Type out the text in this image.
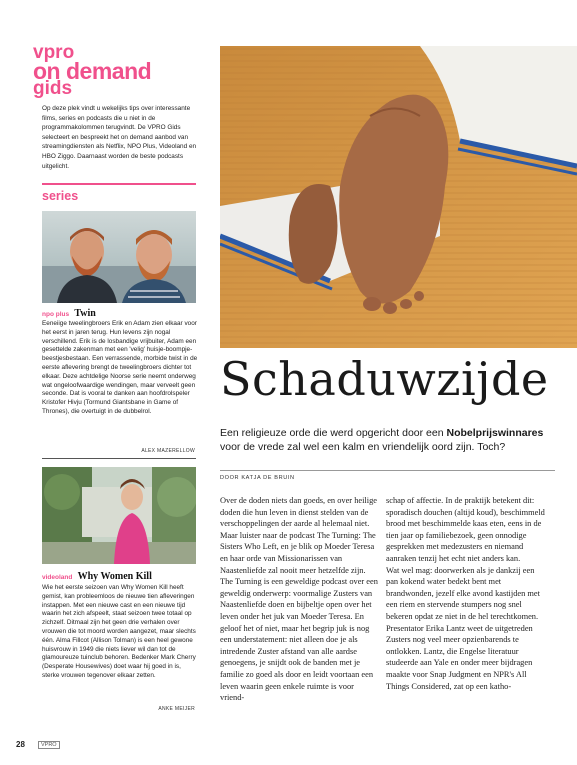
vpro
on demand
gids
Op deze plek vindt u wekelijks tips over interessante films, series en podcasts die u niet in de programmakolommen terugvindt. De VPRO Gids selecteert en bespreekt het on demand aanbod van streamingdiensten als Netflix, NPO Plus, Videoland en HBO Ziggo. Daarnaast worden de beste podcasts uitgelicht.
series
npo plus Twin
Eeneiige tweelingbroers Erik en Adam zien elkaar voor het eerst in jaren terug. Hun levens zijn nogal verschillend. Erik is de losbandige vrijbuiter, Adam een gesettelde zakenman met een 'velig' huisje-boompje-beestjesbestaan. Een verrassende, morbide twist in de eerste aflevering brengt de tweelingbroers dichter tot elkaar. Deze achtdelige Noorse serie neemt onderweg wat ongeloofwaardige wendingen, maar verveelt geen seconde. Dat is vooral te danken aan hoofdrolspeler Kristofer Hivju (Tormund Giantsbane in Game of Thrones), die overtuigt in de dubbelrol.
ALEX MAZERELLOW
videoland Why Women Kill
Wie het eerste seizoen van Why Women Kill heeft gemist, kan probleemloos de nieuwe tien afleveringen instappen. Met een nieuwe cast en een nieuwe tijd waarin het zich afspeelt, staat seizoen twee totaal op zichzelf. Ditmaal zijn het geen drie verhalen over vrouwen die tot moord worden aangezet, maar slechts één. Alma Fillcot (Allison Tolman) is een heel gewone huisvrouw in 1949 die niets liever wil dan tot de glamoureuze tuinclub behoren. Bedenker Mark Cherry (Desperate Housewives) doet waar hij goed in is, sterke vrouwen tegenover elkaar zetten.
ANKE MEIJER
Schaduwzijde
Een religieuze orde die werd opgericht door een Nobelprijswinnares voor de vrede zal wel een kalm en vriendelijk oord zijn. Toch?
DOOR KATJA DE BRUIN

Over de doden niets dan goeds, en over heilige doden die hun leven in dienst stelden van de verschoppelingen der aarde al helemaal niet. Maar luister naar de podcast The Turning: The Sisters Who Left, en je blik op Moeder Teresa en haar orde van Missionarissen van Naastenliefde zal nooit meer hetzelfde zijn.

The Turning is een geweldige podcast over een geweldig onderwerp: voormalige Zusters van Naastenliefde doen en bijbeltje open over het leven onder het juk van Moeder Teresa. En geloof het of niet, maar het begrip juk is nog een understatement: niet alleen doe je als intredende Zuster afstand van alle aardse genoegens, je snijdt ook de banden met je familie zo goed als door en leidt voortaan een leven waarin geen enkele ruimte is voor vriend-

schap of affectie. In de praktijk betekent dit: sporadisch douchen (altijd koud), beschimmeld brood met beschimmelde kaas eten, eens in de tien jaar op familiebezoek, geen onnodige gesprekken met medezusters en niemand aanraken tenzij het echt niet anders kan.

Wat wel mag: doorwerken als je dankzij een pan kokend water bedekt bent met brandwonden, jezelf elke avond kastijden met een riem en stervende stumpers nog snel bekeren opdat ze niet in de hel terechtkomen.

Presentator Erika Lantz weet de uitgetreden Zusters nog veel meer opzienbarends te ontlokken. Lantz, die Engelse literatuur studeerde aan Yale en onder meer bijdragen maakte voor Snap Judgment en NPR's All Things Considered, zat op een katho-

28	VPRO
